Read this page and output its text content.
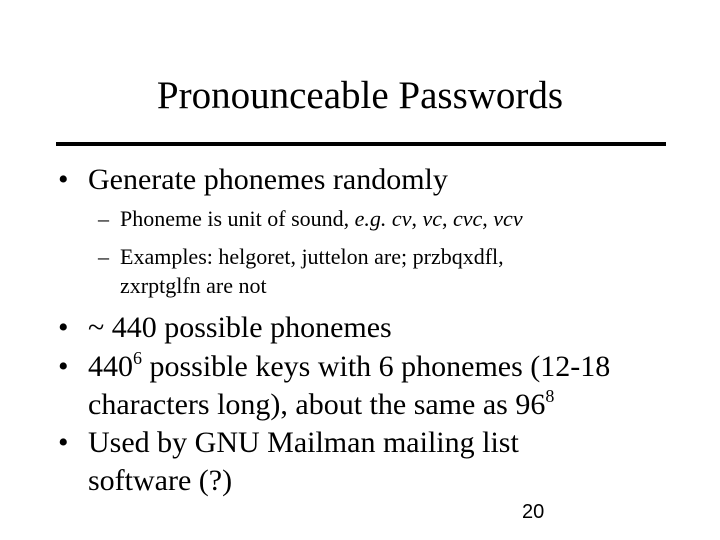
Pronounceable Passwords
• Generate phonemes randomly
– Phoneme is unit of sound, e.g. cv, vc, cvc, vcv
– Examples: helgoret, juttelon are; przbqxdfl,
zxrptglfn are not
• ~ 440 possible phonemes
• $440^6$ possible keys with 6 phonemes (12-18
characters long), about the same as $96^8$
• Used by GNU Mailman mailing list
software (?)
20
